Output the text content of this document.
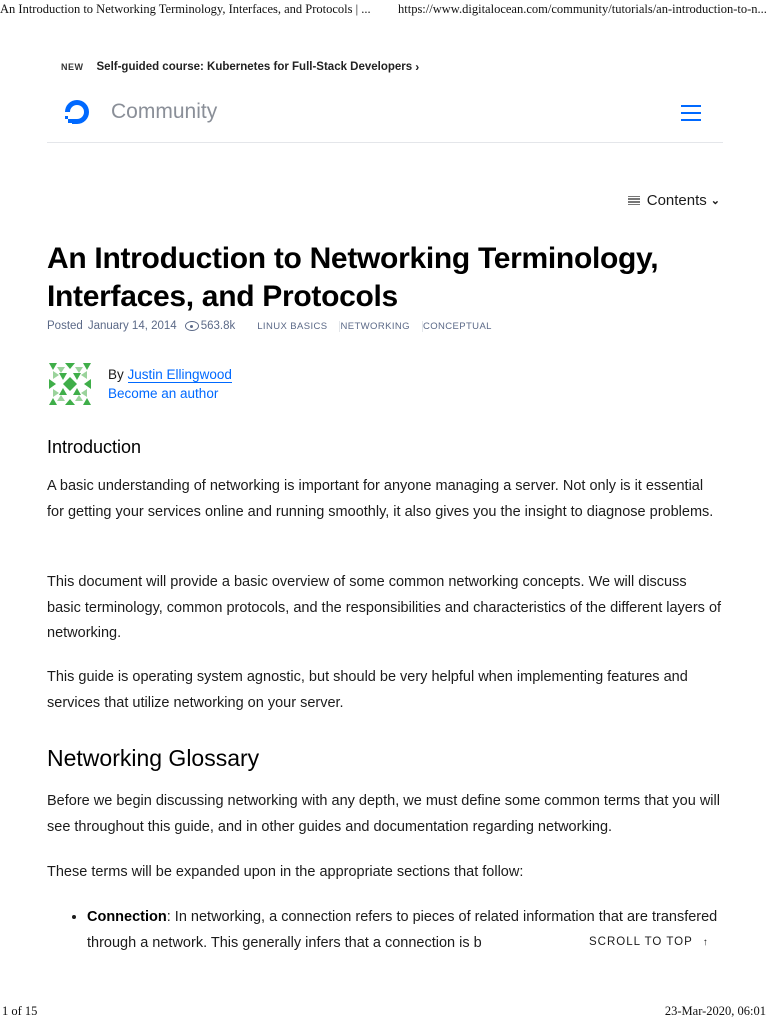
An Introduction to Networking Terminology, Interfaces, and Protocols | ... https://www.digitalocean.com/community/tutorials/an-introduction-to-n...
NEW Self-guided course: Kubernetes for Full-Stack Developers ›
Community
Contents ⌄
An Introduction to Networking Terminology, Interfaces, and Protocols
Posted January 14, 2014 563.8k LINUX BASICS NETWORKING CONCEPTUAL
By Justin Ellingwood
Become an author
Introduction

A basic understanding of networking is important for anyone managing a server. Not only is it essential for getting your services online and running smoothly, it also gives you the insight to diagnose problems.

This document will provide a basic overview of some common networking concepts. We will discuss basic terminology, common protocols, and the responsibilities and characteristics of the different layers of networking.

This guide is operating system agnostic, but should be very helpful when implementing features and services that utilize networking on your server.

Networking Glossary

Before we begin discussing networking with any depth, we must define some common terms that you will see throughout this guide, and in other guides and documentation regarding networking.

These terms will be expanded upon in the appropriate sections that follow:

• Connection: In networking, a connection refers to pieces of related information that are transfered through a network. This generally infers that a connection is b	SCROLL TO TOP ↑
1 of 15	23-Mar-2020, 06:01
